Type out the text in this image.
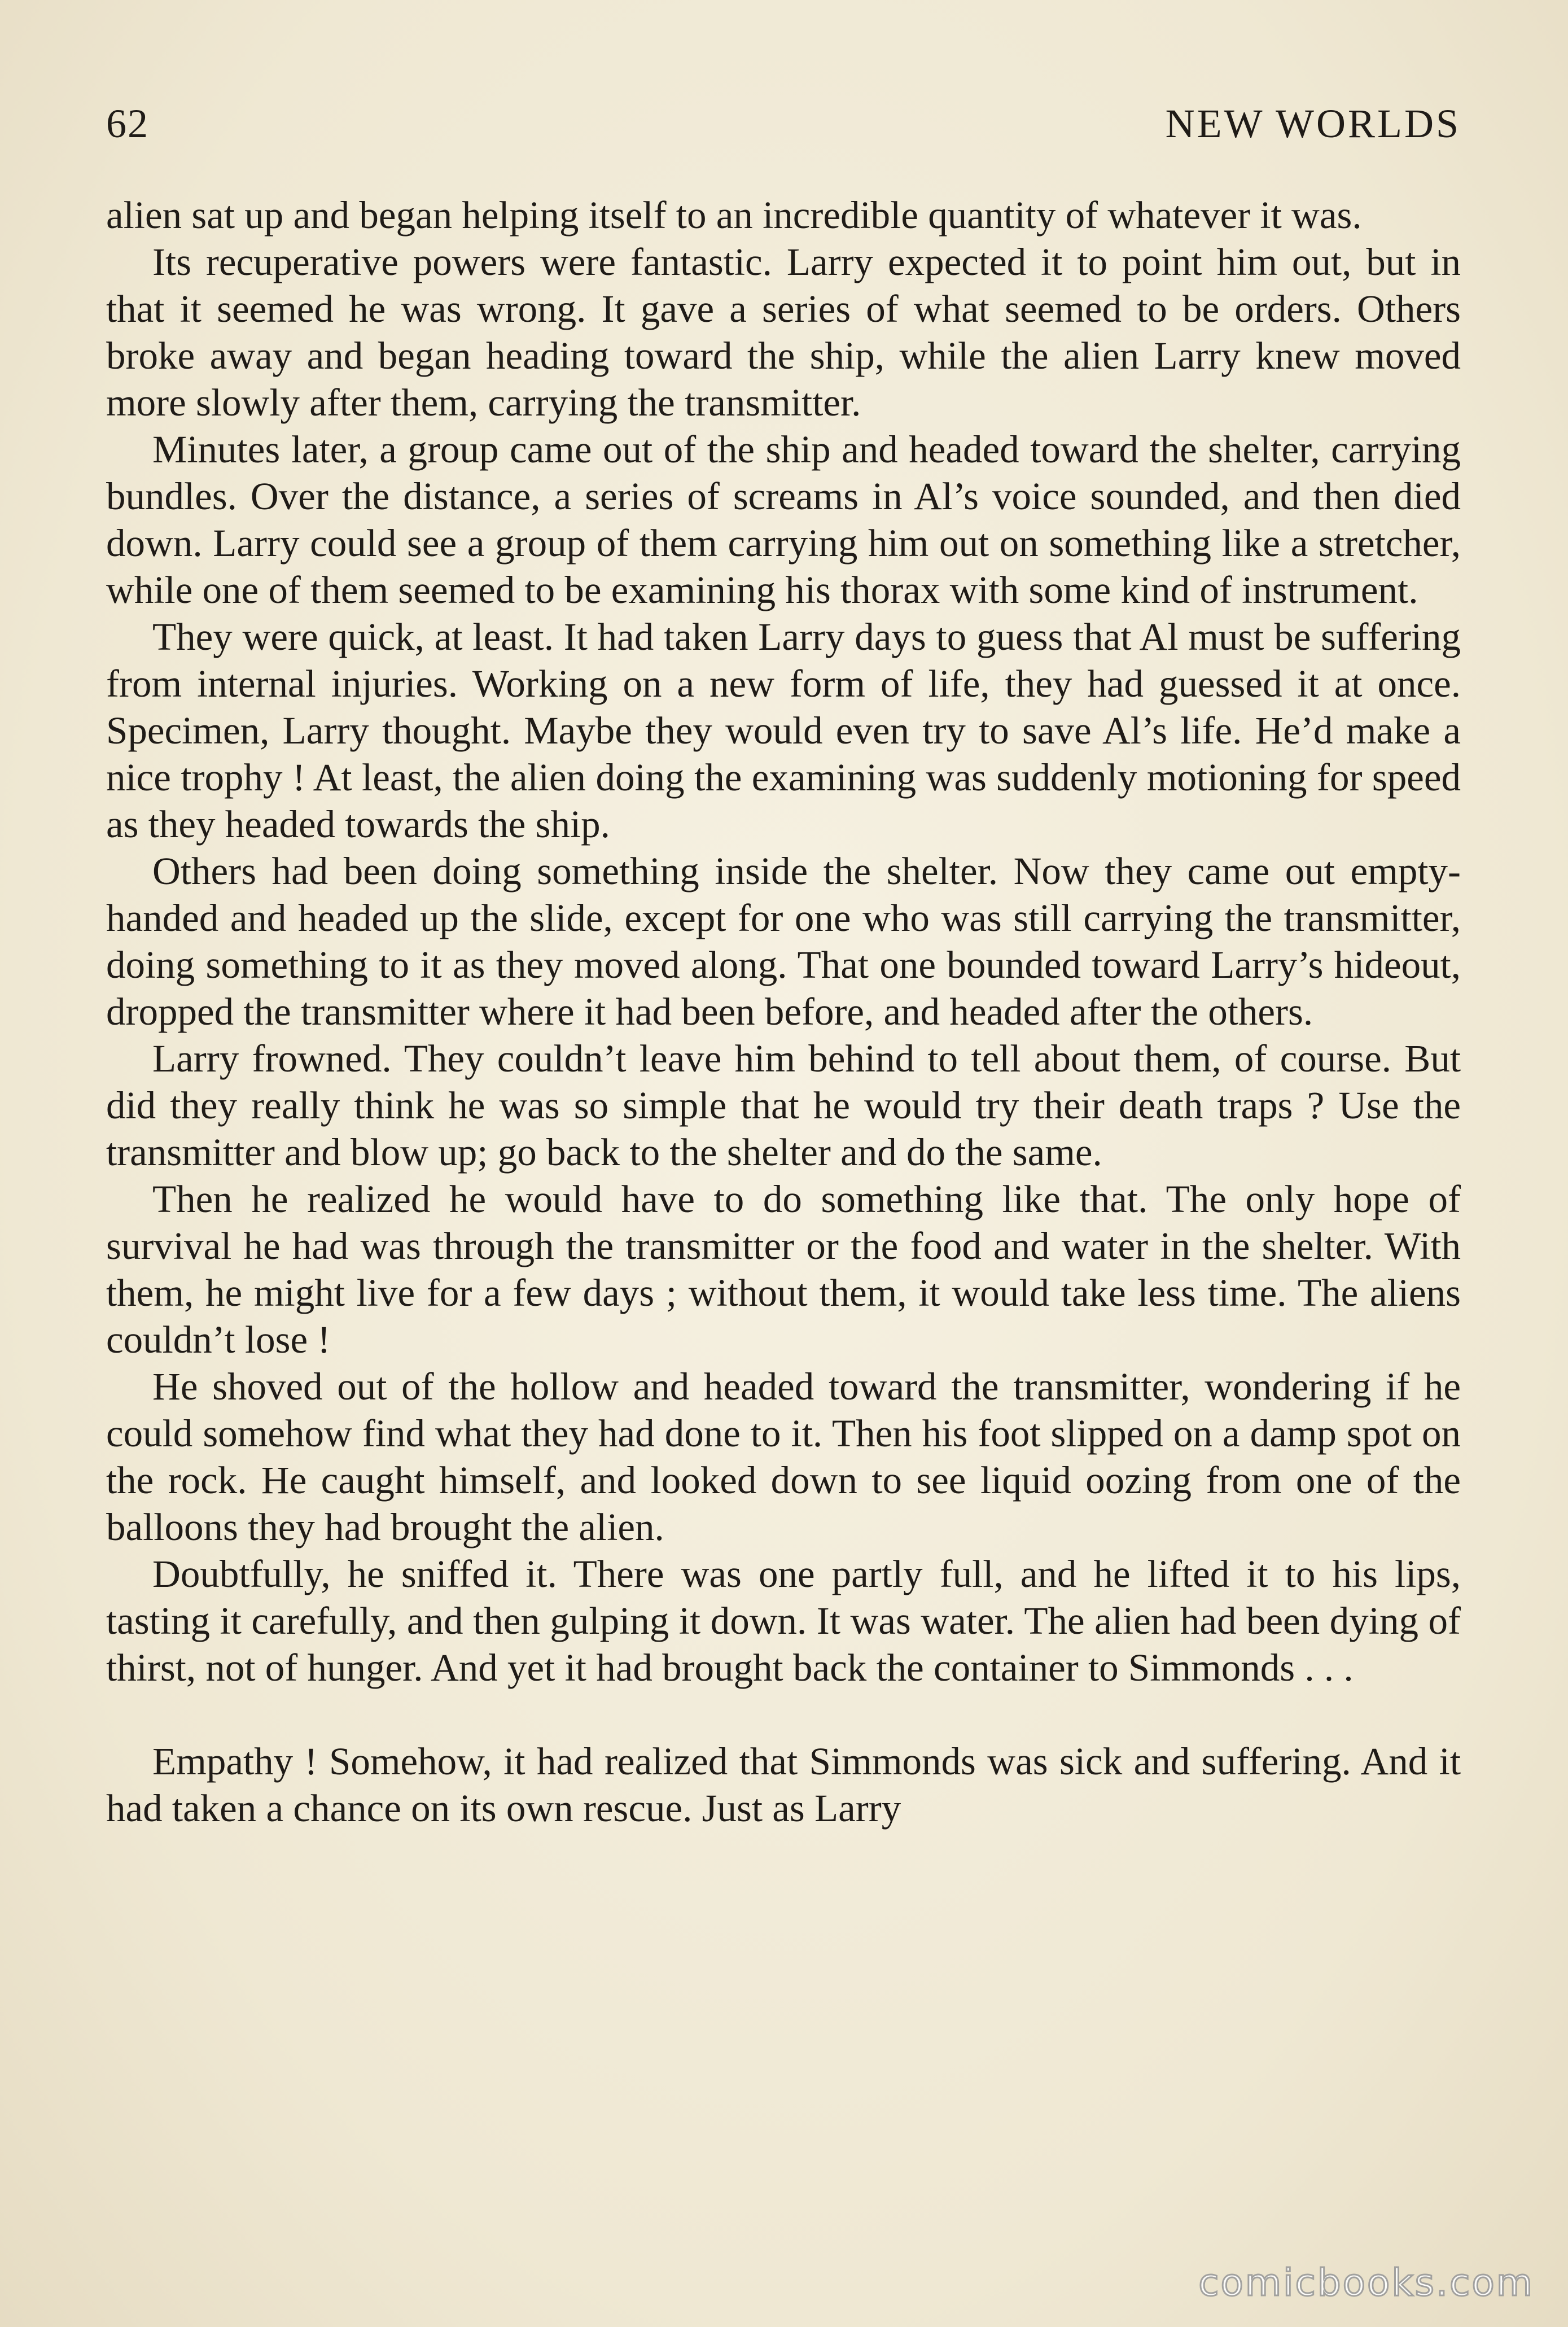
62	NEW WORLDS

alien sat up and began helping itself to an incredible quantity of whatever it was.

Its recuperative powers were fantastic. Larry expected it to point him out, but in that it seemed he was wrong. It gave a series of what seemed to be orders. Others broke away and began heading toward the ship, while the alien Larry knew moved more slowly after them, carrying the transmitter.

Minutes later, a group came out of the ship and headed toward the shelter, carrying bundles. Over the distance, a series of screams in Al’s voice sounded, and then died down. Larry could see a group of them carrying him out on something like a stretcher, while one of them seemed to be examining his thorax with some kind of instrument.

They were quick, at least. It had taken Larry days to guess that Al must be suffering from internal injuries. Working on a new form of life, they had guessed it at once. Specimen, Larry thought. Maybe they would even try to save Al’s life. He’d make a nice trophy ! At least, the alien doing the examining was suddenly motioning for speed as they headed towards the ship.

Others had been doing something inside the shelter. Now they came out empty-handed and headed up the slide, except for one who was still carrying the transmitter, doing something to it as they moved along. That one bounded toward Larry’s hideout, dropped the transmitter where it had been before, and headed after the others.

Larry frowned. They couldn’t leave him behind to tell about them, of course. But did they really think he was so simple that he would try their death traps ? Use the transmitter and blow up; go back to the shelter and do the same.

Then he realized he would have to do something like that. The only hope of survival he had was through the transmitter or the food and water in the shelter. With them, he might live for a few days ; without them, it would take less time. The aliens couldn’t lose !

He shoved out of the hollow and headed toward the transmitter, wondering if he could somehow find what they had done to it. Then his foot slipped on a damp spot on the rock. He caught himself, and looked down to see liquid oozing from one of the balloons they had brought the alien.

Doubtfully, he sniffed it. There was one partly full, and he lifted it to his lips, tasting it carefully, and then gulping it down. It was water. The alien had been dying of thirst, not of hunger. And yet it had brought back the container to Simmonds . . .

Empathy ! Somehow, it had realized that Simmonds was sick and suffering. And it had taken a chance on its own rescue. Just as Larry

comicbooks.com
